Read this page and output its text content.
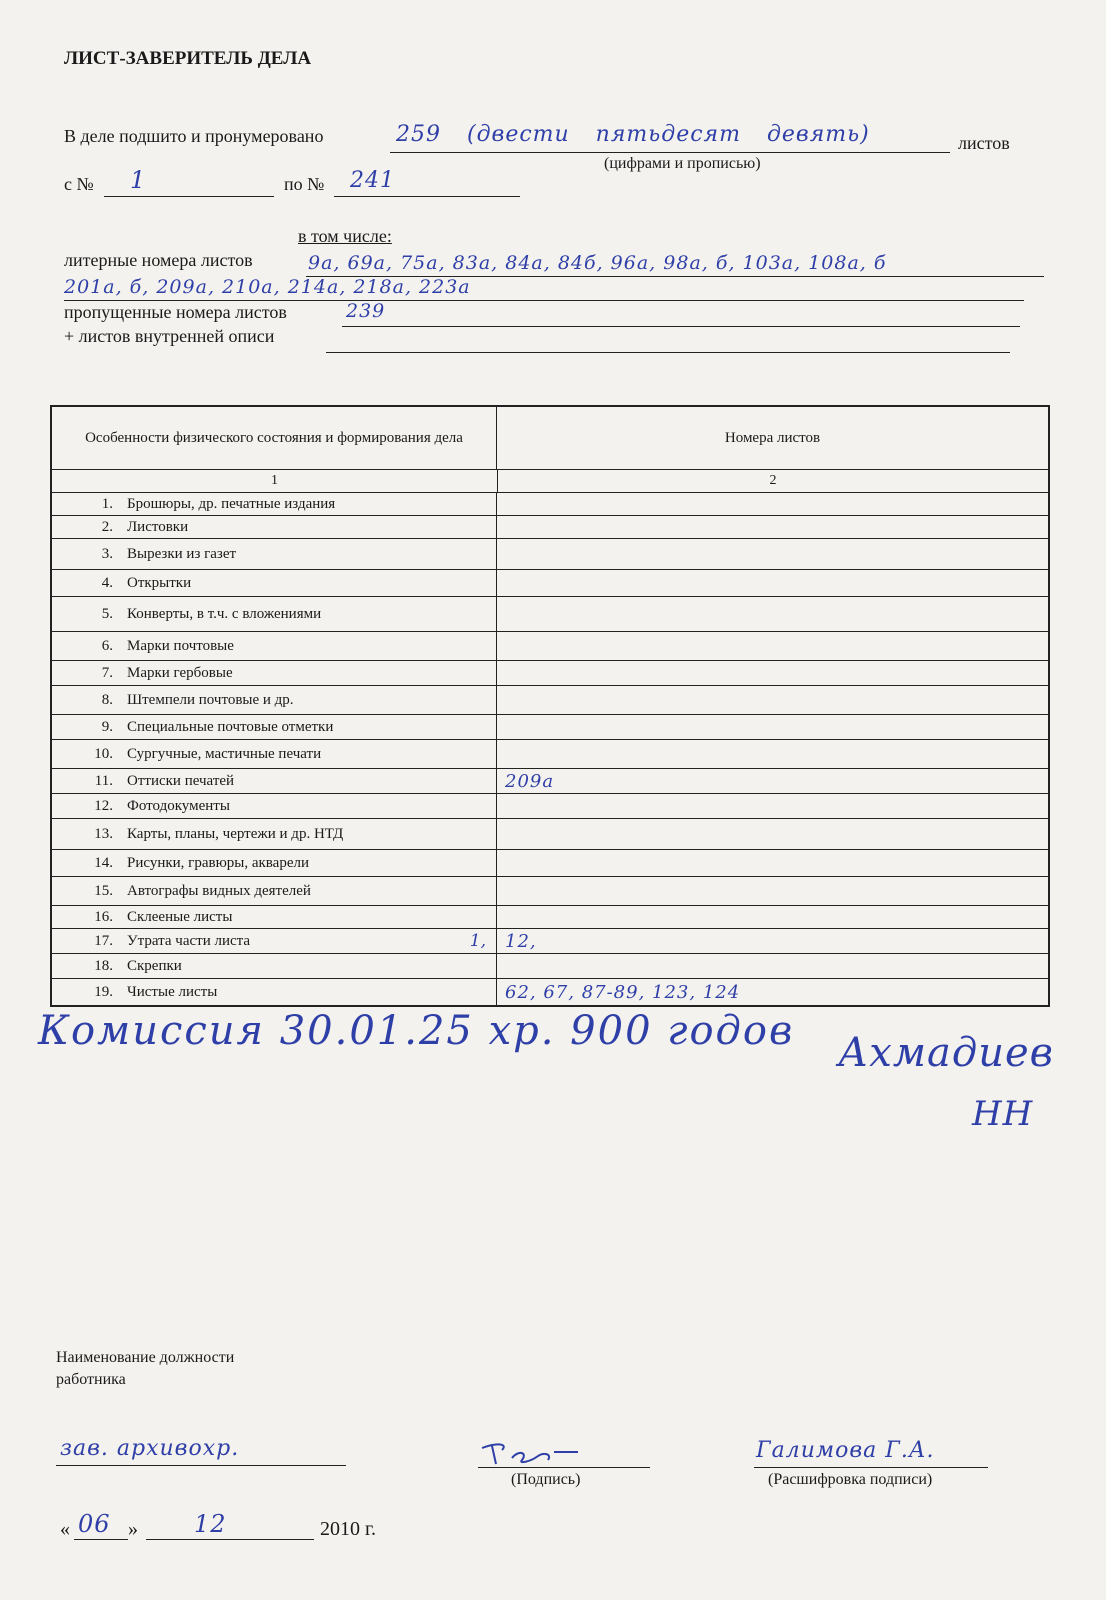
ЛИСТ-ЗАВЕРИТЕЛЬ ДЕЛА
В деле подшито и пронумеровано	259 (двести пятьдесят девять)	листов
(цифрами и прописью)
с № 1	по № 241
в том числе:
литерные номера листов	9а, 69а, 75а, 83а, 84а, 84б, 96а, 98а, б, 103а, 108а, б
201а, б, 209а, 210а, 214а, 218а, 223а
пропущенные номера листов	239
+ листов внутренней описи
Особенности физического состояния и формирования дела	Номера листов
1	2
1. Брошюры, др. печатные издания
2. Листовки
3. Вырезки из газет
4. Открытки
5. Конверты, в т.ч. с вложениями
6. Марки почтовые
7. Марки гербовые
8. Штемпели почтовые и др.
9. Специальные почтовые отметки
10. Сургучные, мастичные печати
11. Оттиски печатей	209а
12. Фотодокументы
13. Карты, планы, чертежи и др. НТД
14. Рисунки, гравюры, акварели
15. Автографы видных деятелей
16. Склееные листы
17. Утрата части листа	1,	12,
18. Скрепки
19. Чистые листы	62, 67, 87-89, 123, 124
Комиссия 30.01.25 хр. 900 годов Ахмадиев
НН
Наименование должности
работника
зав. архивохр.
(Подпись)
Галимова Г.А.
(Расшифровка подписи)
« 06 » 12	2010 г.
